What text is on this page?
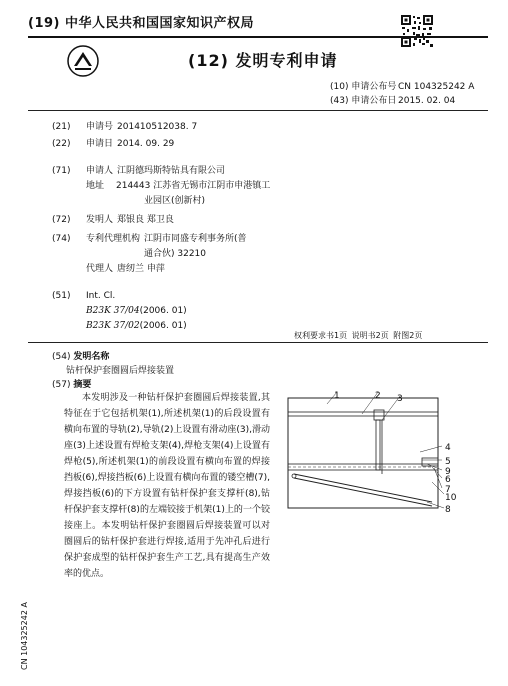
(19) 中华人民共和国国家知识产权局
(12) 发明专利申请
(10) 申请公布号 CN 104325242 A
(43) 申请公布日 2015. 02. 04
(21)	申请号 201410512038. 7
(22)	申请日 2014. 09. 29
(71)	申请人 江阴德玛斯特钻具有限公司
地址	214443 江苏省无锡市江阴市申港镇工
业园区(创新村)
(72)	发明人 郑银良 郑卫良
(74)	专利代理机构 江阴市同盛专利事务所(普
通合伙) 32210
代理人 唐纫兰 申萍
(51)	Int. Cl.
B23K 37/04 (2006. 01)
B23K 37/02 (2006. 01)
权利要求书1页 说明书2页 附图2页
(54) 发明名称
钻杆保护套圈圆后焊接装置
(57) 摘要
本发明涉及一种钻杆保护套圈圆后焊接装置,其特征在于它包括机架(1),所述机架(1)的后段设置有横向布置的导轨(2),导轨(2)上设置有滑动座(3),滑动座(3)上述设置有焊枪支架(4),焊枪支架(4)上设置有焊枪(5),所述机架(1)的前段设置有横向布置的焊接挡板(6),焊接挡板(6)上设置有横向布置的镂空槽(7),焊接挡板(6)的下方设置有钻杆保护套支撑杆(8),钻杆保护套支撑杆(8)的左端铰接于机架(1)上的一个铰接座上。本发明钻杆保护套圈圆后焊接装置可以对圈圆后的钻杆保护套进行焊接,适用于先冲孔后进行保护套成型的钻杆保护套生产工艺,具有提高生产效率的优点。
1	2 3
4
5
9
6
7
10
8
CN 104325242 A
